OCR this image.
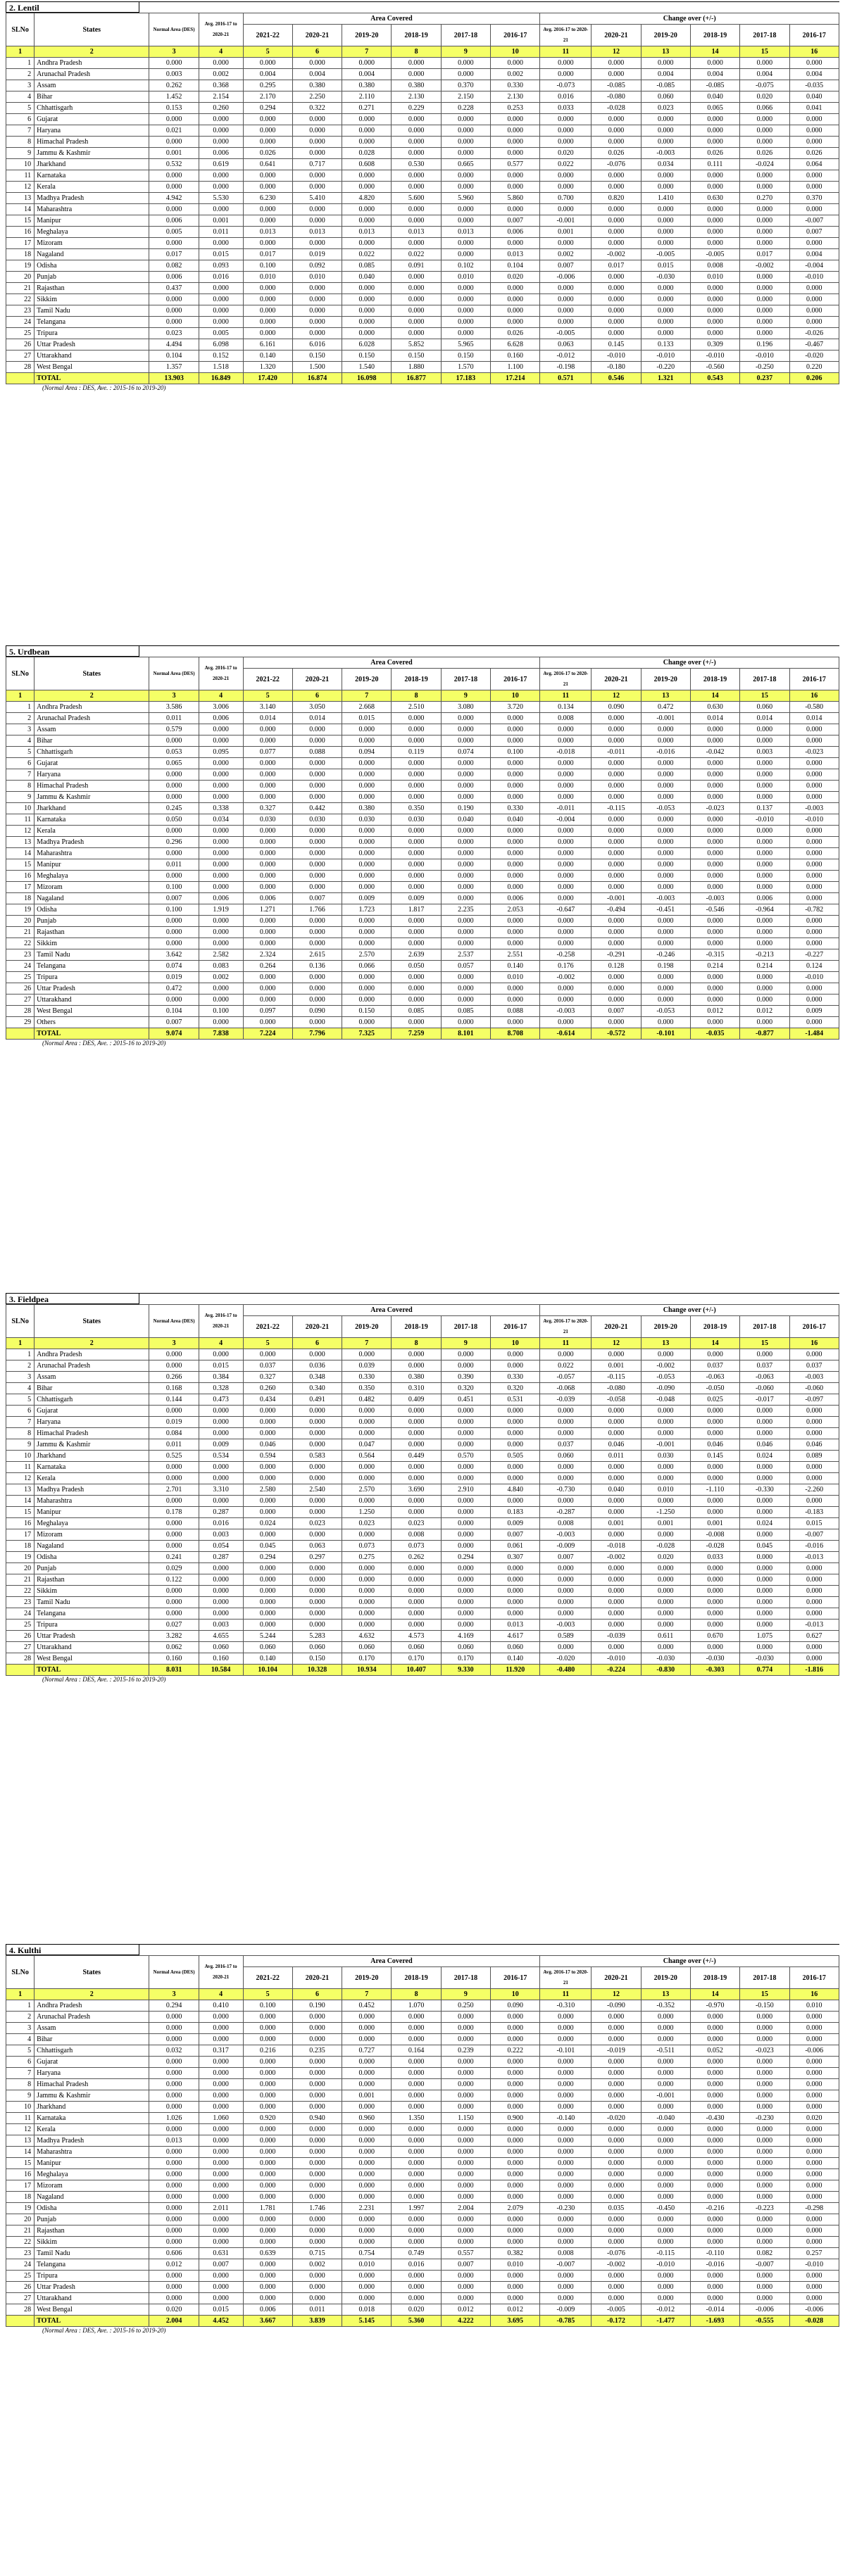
2. Lentil
SLNo	States	Normal Area (DES)	Avg. 2016-17 to 2020-21	Area Covered						Change over (+/-)					
				2021-22	2020-21	2019-20	2018-19	2017-18	2016-17	Avg. 2016-17 to 2020-21	2020-21	2019-20	2018-19	2017-18	2016-17
1	2	3	4	5	6	7	8	9	10	11	12	13	14	15	16
1	Andhra Pradesh	0.000	0.000	0.000	0.000	0.000	0.000	0.000	0.000	0.000	0.000	0.000	0.000	0.000	0.000
2	Arunachal Pradesh	0.003	0.002	0.004	0.004	0.004	0.000	0.000	0.002	0.000	0.000	0.004	0.004	0.004	0.004
3	Assam	0.262	0.368	0.295	0.380	0.380	0.380	0.370	0.330	-0.073	-0.085	-0.085	-0.085	-0.075	-0.035
4	Bihar	1.452	2.154	2.170	2.250	2.110	2.130	2.150	2.130	0.016	-0.080	0.060	0.040	0.020	0.040
5	Chhattisgarh	0.153	0.260	0.294	0.322	0.271	0.229	0.228	0.253	0.033	-0.028	0.023	0.065	0.066	0.041
6	Gujarat	0.000	0.000	0.000	0.000	0.000	0.000	0.000	0.000	0.000	0.000	0.000	0.000	0.000	0.000
7	Haryana	0.021	0.000	0.000	0.000	0.000	0.000	0.000	0.000	0.000	0.000	0.000	0.000	0.000	0.000
8	Himachal Pradesh	0.000	0.000	0.000	0.000	0.000	0.000	0.000	0.000	0.000	0.000	0.000	0.000	0.000	0.000
9	Jammu & Kashmir	0.001	0.006	0.026	0.000	0.028	0.000	0.000	0.000	0.020	0.026	-0.003	0.026	0.026	0.026
10	Jharkhand	0.532	0.619	0.641	0.717	0.608	0.530	0.665	0.577	0.022	-0.076	0.034	0.111	-0.024	0.064
11	Karnataka	0.000	0.000	0.000	0.000	0.000	0.000	0.000	0.000	0.000	0.000	0.000	0.000	0.000	0.000
12	Kerala	0.000	0.000	0.000	0.000	0.000	0.000	0.000	0.000	0.000	0.000	0.000	0.000	0.000	0.000
13	Madhya Pradesh	4.942	5.530	6.230	5.410	4.820	5.600	5.960	5.860	0.700	0.820	1.410	0.630	0.270	0.370
14	Maharashtra	0.000	0.000	0.000	0.000	0.000	0.000	0.000	0.000	0.000	0.000	0.000	0.000	0.000	0.000
15	Manipur	0.006	0.001	0.000	0.000	0.000	0.000	0.000	0.007	-0.001	0.000	0.000	0.000	0.000	-0.007
16	Meghalaya	0.005	0.011	0.013	0.013	0.013	0.013	0.013	0.006	0.001	0.000	0.000	0.000	0.000	0.007
17	Mizoram	0.000	0.000	0.000	0.000	0.000	0.000	0.000	0.000	0.000	0.000	0.000	0.000	0.000	0.000
18	Nagaland	0.017	0.015	0.017	0.019	0.022	0.022	0.000	0.013	0.002	-0.002	-0.005	-0.005	0.017	0.004
19	Odisha	0.082	0.093	0.100	0.092	0.085	0.091	0.102	0.104	0.007	0.017	0.015	0.008	-0.002	-0.004
20	Punjab	0.006	0.016	0.010	0.010	0.040	0.000	0.010	0.020	-0.006	0.000	-0.030	0.010	0.000	-0.010
21	Rajasthan	0.437	0.000	0.000	0.000	0.000	0.000	0.000	0.000	0.000	0.000	0.000	0.000	0.000	0.000
22	Sikkim	0.000	0.000	0.000	0.000	0.000	0.000	0.000	0.000	0.000	0.000	0.000	0.000	0.000	0.000
23	Tamil Nadu	0.000	0.000	0.000	0.000	0.000	0.000	0.000	0.000	0.000	0.000	0.000	0.000	0.000	0.000
24	Telangana	0.000	0.000	0.000	0.000	0.000	0.000	0.000	0.000	0.000	0.000	0.000	0.000	0.000	0.000
25	Tripura	0.023	0.005	0.000	0.000	0.000	0.000	0.000	0.026	-0.005	0.000	0.000	0.000	0.000	-0.026
26	Uttar Pradesh	4.494	6.098	6.161	6.016	6.028	5.852	5.965	6.628	0.063	0.145	0.133	0.309	0.196	-0.467
27	Uttarakhand	0.104	0.152	0.140	0.150	0.150	0.150	0.150	0.160	-0.012	-0.010	-0.010	-0.010	-0.010	-0.020
28	West Bengal	1.357	1.518	1.320	1.500	1.540	1.880	1.570	1.100	-0.198	-0.180	-0.220	-0.560	-0.250	0.220
	TOTAL	13.903	16.849	17.420	16.874	16.098	16.877	17.183	17.214	0.571	0.546	1.321	0.543	0.237	0.206
(Normal Area : DES, Ave. : 2015-16 to 2019-20)
5. Urdbean
SLNo	States	Normal Area (DES)	Avg. 2016-17 to 2020-21	Area Covered						Change over (+/-)					
				2021-22	2020-21	2019-20	2018-19	2017-18	2016-17	Avg. 2016-17 to 2020-21	2020-21	2019-20	2018-19	2017-18	2016-17
1	2	3	4	5	6	7	8	9	10	11	12	13	14	15	16
1	Andhra Pradesh	3.586	3.006	3.140	3.050	2.668	2.510	3.080	3.720	0.134	0.090	0.472	0.630	0.060	-0.580
2	Arunachal Pradesh	0.011	0.006	0.014	0.014	0.015	0.000	0.000	0.000	0.008	0.000	-0.001	0.014	0.014	0.014
3	Assam	0.579	0.000	0.000	0.000	0.000	0.000	0.000	0.000	0.000	0.000	0.000	0.000	0.000	0.000
4	Bihar	0.000	0.000	0.000	0.000	0.000	0.000	0.000	0.000	0.000	0.000	0.000	0.000	0.000	0.000
5	Chhattisgarh	0.053	0.095	0.077	0.088	0.094	0.119	0.074	0.100	-0.018	-0.011	-0.016	-0.042	0.003	-0.023
6	Gujarat	0.065	0.000	0.000	0.000	0.000	0.000	0.000	0.000	0.000	0.000	0.000	0.000	0.000	0.000
7	Haryana	0.000	0.000	0.000	0.000	0.000	0.000	0.000	0.000	0.000	0.000	0.000	0.000	0.000	0.000
8	Himachal Pradesh	0.000	0.000	0.000	0.000	0.000	0.000	0.000	0.000	0.000	0.000	0.000	0.000	0.000	0.000
9	Jammu & Kashmir	0.000	0.000	0.000	0.000	0.000	0.000	0.000	0.000	0.000	0.000	0.000	0.000	0.000	0.000
10	Jharkhand	0.245	0.338	0.327	0.442	0.380	0.350	0.190	0.330	-0.011	-0.115	-0.053	-0.023	0.137	-0.003
11	Karnataka	0.050	0.034	0.030	0.030	0.030	0.030	0.040	0.040	-0.004	0.000	0.000	0.000	-0.010	-0.010
12	Kerala	0.000	0.000	0.000	0.000	0.000	0.000	0.000	0.000	0.000	0.000	0.000	0.000	0.000	0.000
13	Madhya Pradesh	0.296	0.000	0.000	0.000	0.000	0.000	0.000	0.000	0.000	0.000	0.000	0.000	0.000	0.000
14	Maharashtra	0.000	0.000	0.000	0.000	0.000	0.000	0.000	0.000	0.000	0.000	0.000	0.000	0.000	0.000
15	Manipur	0.011	0.000	0.000	0.000	0.000	0.000	0.000	0.000	0.000	0.000	0.000	0.000	0.000	0.000
16	Meghalaya	0.000	0.000	0.000	0.000	0.000	0.000	0.000	0.000	0.000	0.000	0.000	0.000	0.000	0.000
17	Mizoram	0.100	0.000	0.000	0.000	0.000	0.000	0.000	0.000	0.000	0.000	0.000	0.000	0.000	0.000
18	Nagaland	0.007	0.006	0.006	0.007	0.009	0.009	0.000	0.006	0.000	-0.001	-0.003	-0.003	0.006	0.000
19	Odisha	0.100	1.919	1.271	1.766	1.723	1.817	2.235	2.053	-0.647	-0.494	-0.451	-0.546	-0.964	-0.782
20	Punjab	0.000	0.000	0.000	0.000	0.000	0.000	0.000	0.000	0.000	0.000	0.000	0.000	0.000	0.000
21	Rajasthan	0.000	0.000	0.000	0.000	0.000	0.000	0.000	0.000	0.000	0.000	0.000	0.000	0.000	0.000
22	Sikkim	0.000	0.000	0.000	0.000	0.000	0.000	0.000	0.000	0.000	0.000	0.000	0.000	0.000	0.000
23	Tamil Nadu	3.642	2.582	2.324	2.615	2.570	2.639	2.537	2.551	-0.258	-0.291	-0.246	-0.315	-0.213	-0.227
24	Telangana	0.074	0.083	0.264	0.136	0.066	0.050	0.057	0.140	0.176	0.128	0.198	0.214	0.214	0.124
25	Tripura	0.019	0.002	0.000	0.000	0.000	0.000	0.000	0.010	-0.002	0.000	0.000	0.000	0.000	-0.010
26	Uttar Pradesh	0.472	0.000	0.000	0.000	0.000	0.000	0.000	0.000	0.000	0.000	0.000	0.000	0.000	0.000
27	Uttarakhand	0.000	0.000	0.000	0.000	0.000	0.000	0.000	0.000	0.000	0.000	0.000	0.000	0.000	0.000
28	West Bengal	0.104	0.100	0.097	0.090	0.150	0.085	0.085	0.088	-0.003	0.007	-0.053	0.012	0.012	0.009
29	Others	0.007	0.000	0.000	0.000	0.000	0.000	0.000	0.000	0.000	0.000	0.000	0.000	0.000	0.000
	TOTAL	9.074	7.838	7.224	7.796	7.325	7.259	8.101	8.708	-0.614	-0.572	-0.101	-0.035	-0.877	-1.484
(Normal Area : DES, Ave. : 2015-16 to 2019-20)
3. Fieldpea
SLNo	States	Normal Area (DES)	Avg. 2016-17 to 2020-21	Area Covered						Change over (+/-)					
				2021-22	2020-21	2019-20	2018-19	2017-18	2016-17	Avg. 2016-17 to 2020-21	2020-21	2019-20	2018-19	2017-18	2016-17
1	2	3	4	5	6	7	8	9	10	11	12	13	14	15	16
1	Andhra Pradesh	0.000	0.000	0.000	0.000	0.000	0.000	0.000	0.000	0.000	0.000	0.000	0.000	0.000	0.000
2	Arunachal Pradesh	0.000	0.015	0.037	0.036	0.039	0.000	0.000	0.000	0.022	0.001	-0.002	0.037	0.037	0.037
3	Assam	0.266	0.384	0.327	0.348	0.330	0.380	0.390	0.330	-0.057	-0.115	-0.053	-0.063	-0.063	-0.003
4	Bihar	0.168	0.328	0.260	0.340	0.350	0.310	0.320	0.320	-0.068	-0.080	-0.090	-0.050	-0.060	-0.060
5	Chhattisgarh	0.144	0.473	0.434	0.491	0.482	0.409	0.451	0.531	-0.039	-0.058	-0.048	0.025	-0.017	-0.097
6	Gujarat	0.000	0.000	0.000	0.000	0.000	0.000	0.000	0.000	0.000	0.000	0.000	0.000	0.000	0.000
7	Haryana	0.019	0.000	0.000	0.000	0.000	0.000	0.000	0.000	0.000	0.000	0.000	0.000	0.000	0.000
8	Himachal Pradesh	0.084	0.000	0.000	0.000	0.000	0.000	0.000	0.000	0.000	0.000	0.000	0.000	0.000	0.000
9	Jammu & Kashmir	0.011	0.009	0.046	0.000	0.047	0.000	0.000	0.000	0.037	0.046	-0.001	0.046	0.046	0.046
10	Jharkhand	0.525	0.534	0.594	0.583	0.564	0.449	0.570	0.505	0.060	0.011	0.030	0.145	0.024	0.089
11	Karnataka	0.000	0.000	0.000	0.000	0.000	0.000	0.000	0.000	0.000	0.000	0.000	0.000	0.000	0.000
12	Kerala	0.000	0.000	0.000	0.000	0.000	0.000	0.000	0.000	0.000	0.000	0.000	0.000	0.000	0.000
13	Madhya Pradesh	2.701	3.310	2.580	2.540	2.570	3.690	2.910	4.840	-0.730	0.040	0.010	-1.110	-0.330	-2.260
14	Maharashtra	0.000	0.000	0.000	0.000	0.000	0.000	0.000	0.000	0.000	0.000	0.000	0.000	0.000	0.000
15	Manipur	0.178	0.287	0.000	0.000	1.250	0.000	0.000	0.183	-0.287	0.000	-1.250	0.000	0.000	-0.183
16	Meghalaya	0.000	0.016	0.024	0.023	0.023	0.023	0.000	0.009	0.008	0.001	0.001	0.001	0.024	0.015
17	Mizoram	0.000	0.003	0.000	0.000	0.000	0.008	0.000	0.007	-0.003	0.000	0.000	-0.008	0.000	-0.007
18	Nagaland	0.000	0.054	0.045	0.063	0.073	0.073	0.000	0.061	-0.009	-0.018	-0.028	-0.028	0.045	-0.016
19	Odisha	0.241	0.287	0.294	0.297	0.275	0.262	0.294	0.307	0.007	-0.002	0.020	0.033	0.000	-0.013
20	Punjab	0.029	0.000	0.000	0.000	0.000	0.000	0.000	0.000	0.000	0.000	0.000	0.000	0.000	0.000
21	Rajasthan	0.122	0.000	0.000	0.000	0.000	0.000	0.000	0.000	0.000	0.000	0.000	0.000	0.000	0.000
22	Sikkim	0.000	0.000	0.000	0.000	0.000	0.000	0.000	0.000	0.000	0.000	0.000	0.000	0.000	0.000
23	Tamil Nadu	0.000	0.000	0.000	0.000	0.000	0.000	0.000	0.000	0.000	0.000	0.000	0.000	0.000	0.000
24	Telangana	0.000	0.000	0.000	0.000	0.000	0.000	0.000	0.000	0.000	0.000	0.000	0.000	0.000	0.000
25	Tripura	0.027	0.003	0.000	0.000	0.000	0.000	0.000	0.013	-0.003	0.000	0.000	0.000	0.000	-0.013
26	Uttar Pradesh	3.282	4.655	5.244	5.283	4.632	4.573	4.169	4.617	0.589	-0.039	0.611	0.670	1.075	0.627
27	Uttarakhand	0.062	0.060	0.060	0.060	0.060	0.060	0.060	0.060	0.000	0.000	0.000	0.000	0.000	0.000
28	West Bengal	0.160	0.160	0.140	0.150	0.170	0.170	0.170	0.140	-0.020	-0.010	-0.030	-0.030	-0.030	0.000
	TOTAL	8.031	10.584	10.104	10.328	10.934	10.407	9.330	11.920	-0.480	-0.224	-0.830	-0.303	0.774	-1.816
(Normal Area : DES, Ave. : 2015-16 to 2019-20)
4. Kulthi
SLNo	States	Normal Area (DES)	Avg. 2016-17 to 2020-21	Area Covered						Change over (+/-)					
				2021-22	2020-21	2019-20	2018-19	2017-18	2016-17	Avg. 2016-17 to 2020-21	2020-21	2019-20	2018-19	2017-18	2016-17
1	2	3	4	5	6	7	8	9	10	11	12	13	14	15	16
1	Andhra Pradesh	0.294	0.410	0.100	0.190	0.452	1.070	0.250	0.090	-0.310	-0.090	-0.352	-0.970	-0.150	0.010
2	Arunachal Pradesh	0.000	0.000	0.000	0.000	0.000	0.000	0.000	0.000	0.000	0.000	0.000	0.000	0.000	0.000
3	Assam	0.000	0.000	0.000	0.000	0.000	0.000	0.000	0.000	0.000	0.000	0.000	0.000	0.000	0.000
4	Bihar	0.000	0.000	0.000	0.000	0.000	0.000	0.000	0.000	0.000	0.000	0.000	0.000	0.000	0.000
5	Chhattisgarh	0.032	0.317	0.216	0.235	0.727	0.164	0.239	0.222	-0.101	-0.019	-0.511	0.052	-0.023	-0.006
6	Gujarat	0.000	0.000	0.000	0.000	0.000	0.000	0.000	0.000	0.000	0.000	0.000	0.000	0.000	0.000
7	Haryana	0.000	0.000	0.000	0.000	0.000	0.000	0.000	0.000	0.000	0.000	0.000	0.000	0.000	0.000
8	Himachal Pradesh	0.000	0.000	0.000	0.000	0.000	0.000	0.000	0.000	0.000	0.000	0.000	0.000	0.000	0.000
9	Jammu & Kashmir	0.000	0.000	0.000	0.000	0.001	0.000	0.000	0.000	0.000	0.000	-0.001	0.000	0.000	0.000
10	Jharkhand	0.000	0.000	0.000	0.000	0.000	0.000	0.000	0.000	0.000	0.000	0.000	0.000	0.000	0.000
11	Karnataka	1.026	1.060	0.920	0.940	0.960	1.350	1.150	0.900	-0.140	-0.020	-0.040	-0.430	-0.230	0.020
12	Kerala	0.000	0.000	0.000	0.000	0.000	0.000	0.000	0.000	0.000	0.000	0.000	0.000	0.000	0.000
13	Madhya Pradesh	0.013	0.000	0.000	0.000	0.000	0.000	0.000	0.000	0.000	0.000	0.000	0.000	0.000	0.000
14	Maharashtra	0.000	0.000	0.000	0.000	0.000	0.000	0.000	0.000	0.000	0.000	0.000	0.000	0.000	0.000
15	Manipur	0.000	0.000	0.000	0.000	0.000	0.000	0.000	0.000	0.000	0.000	0.000	0.000	0.000	0.000
16	Meghalaya	0.000	0.000	0.000	0.000	0.000	0.000	0.000	0.000	0.000	0.000	0.000	0.000	0.000	0.000
17	Mizoram	0.000	0.000	0.000	0.000	0.000	0.000	0.000	0.000	0.000	0.000	0.000	0.000	0.000	0.000
18	Nagaland	0.000	0.000	0.000	0.000	0.000	0.000	0.000	0.000	0.000	0.000	0.000	0.000	0.000	0.000
19	Odisha	0.000	2.011	1.781	1.746	2.231	1.997	2.004	2.079	-0.230	0.035	-0.450	-0.216	-0.223	-0.298
20	Punjab	0.000	0.000	0.000	0.000	0.000	0.000	0.000	0.000	0.000	0.000	0.000	0.000	0.000	0.000
21	Rajasthan	0.000	0.000	0.000	0.000	0.000	0.000	0.000	0.000	0.000	0.000	0.000	0.000	0.000	0.000
22	Sikkim	0.000	0.000	0.000	0.000	0.000	0.000	0.000	0.000	0.000	0.000	0.000	0.000	0.000	0.000
23	Tamil Nadu	0.606	0.631	0.639	0.715	0.754	0.749	0.557	0.382	0.008	-0.076	-0.115	-0.110	0.082	0.257
24	Telangana	0.012	0.007	0.000	0.002	0.010	0.016	0.007	0.010	-0.007	-0.002	-0.010	-0.016	-0.007	-0.010
25	Tripura	0.000	0.000	0.000	0.000	0.000	0.000	0.000	0.000	0.000	0.000	0.000	0.000	0.000	0.000
26	Uttar Pradesh	0.000	0.000	0.000	0.000	0.000	0.000	0.000	0.000	0.000	0.000	0.000	0.000	0.000	0.000
27	Uttarakhand	0.000	0.000	0.000	0.000	0.000	0.000	0.000	0.000	0.000	0.000	0.000	0.000	0.000	0.000
28	West Bengal	0.020	0.015	0.006	0.011	0.018	0.020	0.012	0.012	-0.009	-0.005	-0.012	-0.014	-0.006	-0.006
	TOTAL	2.004	4.452	3.667	3.839	5.145	5.360	4.222	3.695	-0.785	-0.172	-1.477	-1.693	-0.555	-0.028
(Normal Area : DES, Ave. : 2015-16 to 2019-20)
